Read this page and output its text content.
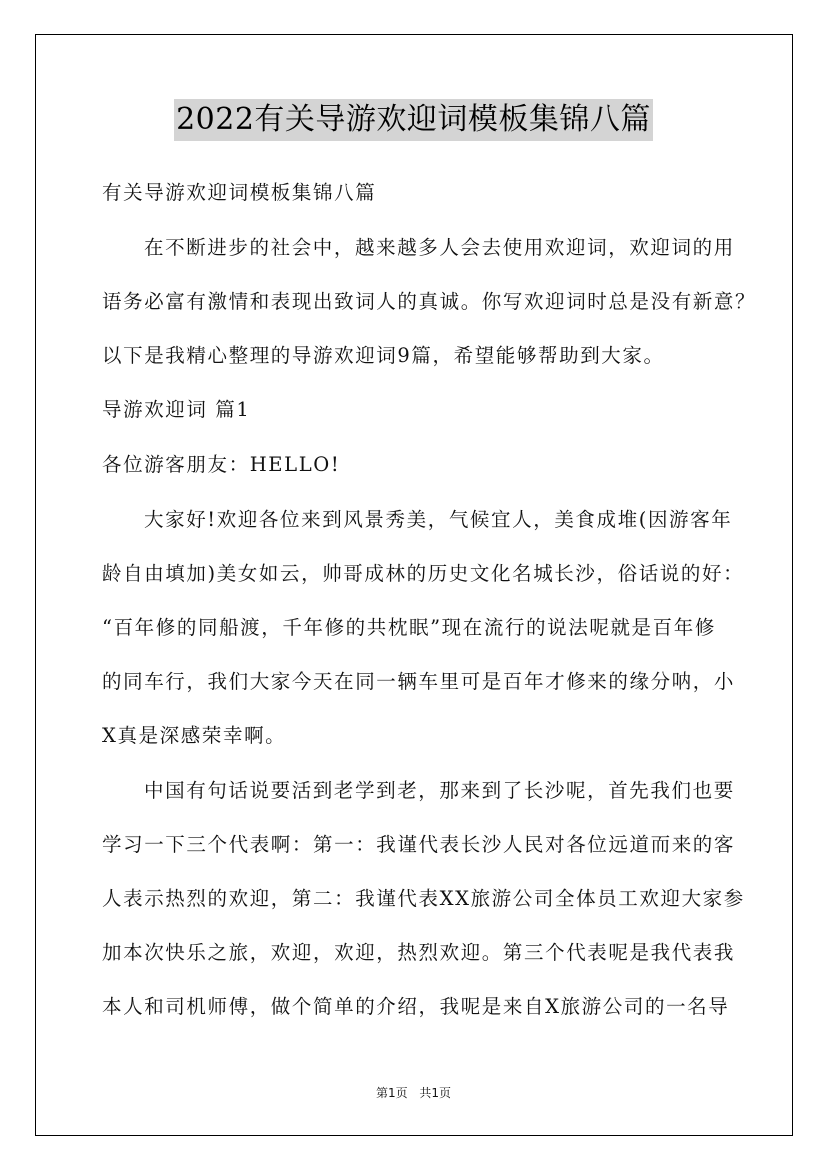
2022有关导游欢迎词模板集锦八篇
有关导游欢迎词模板集锦八篇
在不断进步的社会中，越来越多人会去使用欢迎词，欢迎词的用
语务必富有激情和表现出致词人的真诚。你写欢迎词时总是没有新意？
以下是我精心整理的导游欢迎词9篇，希望能够帮助到大家。
导游欢迎词 篇1
各位游客朋友：HELLO!
大家好!欢迎各位来到风景秀美，气候宜人，美食成堆(因游客年
龄自由填加)美女如云，帅哥成林的历史文化名城长沙，俗话说的好：
“百年修的同船渡，千年修的共枕眠”现在流行的说法呢就是百年修
的同车行，我们大家今天在同一辆车里可是百年才修来的缘分呐，小
X真是深感荣幸啊。
中国有句话说要活到老学到老，那来到了长沙呢，首先我们也要
学习一下三个代表啊：第一：我谨代表长沙人民对各位远道而来的客
人表示热烈的欢迎，第二：我谨代表XX旅游公司全体员工欢迎大家参
加本次快乐之旅，欢迎，欢迎，热烈欢迎。第三个代表呢是我代表我
本人和司机师傅，做个简单的介绍，我呢是来自X旅游公司的一名导
第1页 共1页
